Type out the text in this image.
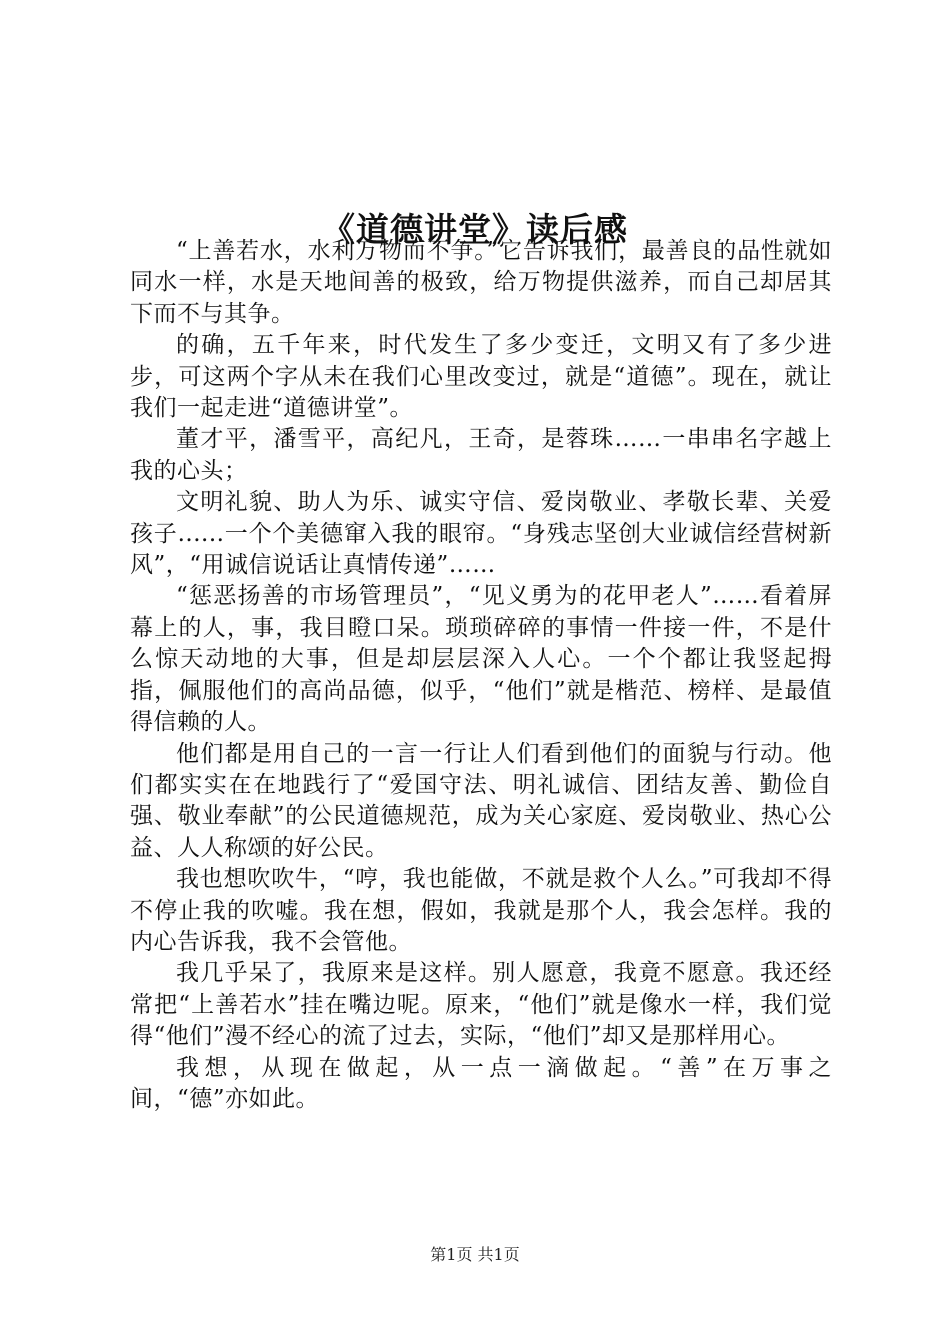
《道德讲堂》读后感

“上善若水，水利万物而不争。”它告诉我们，最善良的品性就如同水一样，水是天地间善的极致，给万物提供滋养，而自己却居其下而不与其争。

的确，五千年来，时代发生了多少变迁，文明又有了多少进步，可这两个字从未在我们心里改变过，就是“道德”。现在，就让我们一起走进“道德讲堂”。

董才平，潘雪平，高纪凡，王奇，是蓉珠……一串串名字越上我的心头；

文明礼貌、助人为乐、诚实守信、爱岗敬业、孝敬长辈、关爱孩子......一个个美德窜入我的眼帘。“身残志坚创大业诚信经营树新风”，“用诚信说话让真情传递”……

“惩恶扬善的市场管理员”，“见义勇为的花甲老人”……看着屏幕上的人，事，我目瞪口呆。琐琐碎碎的事情一件接一件，不是什么惊天动地的大事，但是却层层深入人心。一个个都让我竖起拇指，佩服他们的高尚品德，似乎，“他们”就是楷范、榜样、是最值得信赖的人。

他们都是用自己的一言一行让人们看到他们的面貌与行动。他们都实实在在地践行了“爱国守法、明礼诚信、团结友善、勤俭自强、敬业奉献”的公民道德规范，成为关心家庭、爱岗敬业、热心公益、人人称颂的好公民。

我也想吹吹牛，“哼，我也能做，不就是救个人么。”可我却不得不停止我的吹嘘。我在想，假如，我就是那个人，我会怎样。我的内心告诉我，我不会管他。

我几乎呆了，我原来是这样。别人愿意，我竟不愿意。我还经常把“上善若水”挂在嘴边呢。原来，“他们”就是像水一样，我们觉得“他们”漫不经心的流了过去，实际，“他们”却又是那样用心。

我想，从现在做起，从一点一滴做起。“善”在万事之间，“德”亦如此。

第1页 共1页
